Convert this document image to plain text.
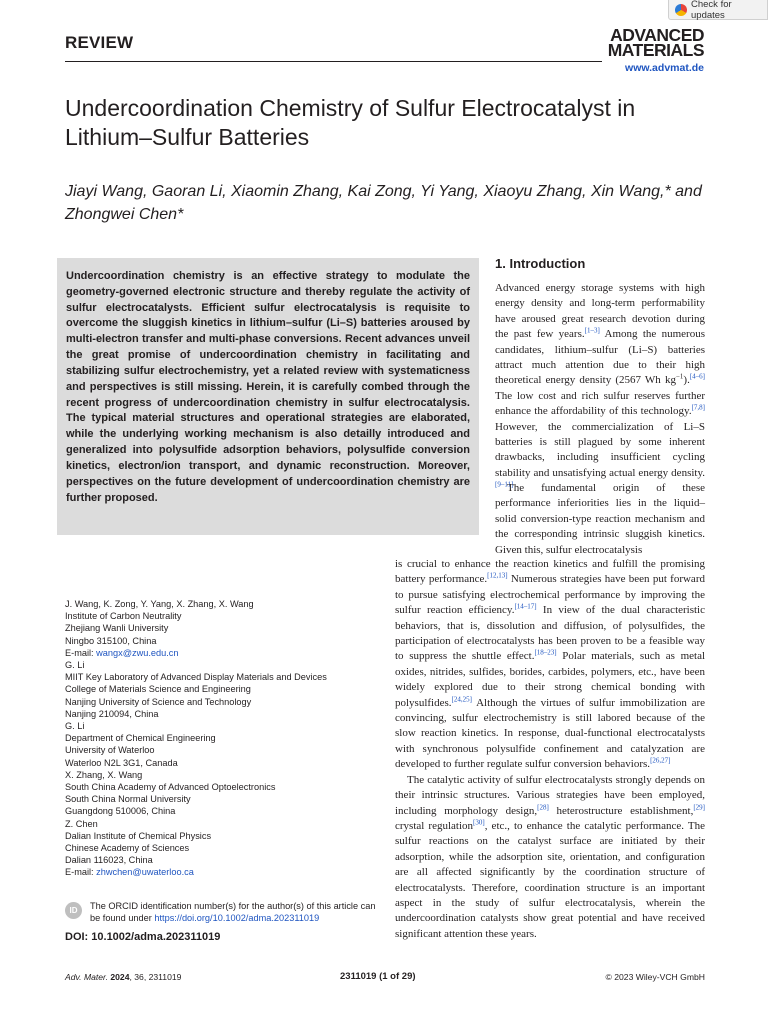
Check for updates
REVIEW	ADVANCED
MATERIALS
www.advmat.de
Undercoordination Chemistry of Sulfur Electrocatalyst in Lithium–Sulfur Batteries
Jiayi Wang, Gaoran Li, Xiaomin Zhang, Kai Zong, Yi Yang, Xiaoyu Zhang, Xin Wang,* and Zhongwei Chen*
Undercoordination chemistry is an effective strategy to modulate the geometry-governed electronic structure and thereby regulate the activity of sulfur electrocatalysts. Efficient sulfur electrocatalysis is requisite to overcome the sluggish kinetics in lithium–sulfur (Li–S) batteries aroused by multi-electron transfer and multi-phase conversions. Recent advances unveil the great promise of undercoordination chemistry in facilitating and stabilizing sulfur electrochemistry, yet a related review with systematicness and perspectives is still missing. Herein, it is carefully combed through the recent progress of undercoordination chemistry in sulfur electrocatalysis. The typical material structures and operational strategies are elaborated, while the underlying working mechanism is also detailly introduced and generalized into polysulfide adsorption behaviors, polysulfide conversion kinetics, electron/ion transport, and dynamic reconstruction. Moreover, perspectives on the future development of undercoordination chemistry are further proposed.
1. Introduction
Advanced energy storage systems with high energy density and long-term performability have aroused great research devotion during the past few years.[1–3] Among the numerous candidates, lithium–sulfur (Li–S) batteries attract much attention due to their high theoretical energy density (2567 Wh $kg^{-1}).[4-6]$ The low cost and rich sulfur reserves further enhance the affordability of this technology.[7,8] However, the commercialization of Li–S batteries is still plagued by some inherent drawbacks, including insufficient cycling stability and unsatisfying actual energy density.[9–11]
The fundamental origin of these performance inferiorities lies in the liquid–solid conversion-type reaction mechanism and the corresponding intrinsic sluggish kinetics. Given this, sulfur electrocatalysis
is crucial to enhance the reaction kinetics and fulfill the promising battery performance.[12,13] Numerous strategies have been put forward to pursue satisfying electrochemical performance by improving the sulfur reaction efficiency.[14–17] In view of the dual characteristic behaviors, that is, dissolution and diffusion, of polysulfides, the participation of electrocatalysts has been proven to be a feasible way to suppress the shuttle effect.[18–23] Polar materials, such as metal oxides, nitrides, sulfides, borides, carbides, polymers, etc., have been widely explored due to their strong chemical bonding with polysulfides.[24,25] Although the virtues of sulfur immobilization are convincing, sulfur electrochemistry is still labored because of the slow reaction kinetics. In response, dual-functional electrocatalysts with synchronous polysulfide confinement and catalyzation are developed to further regulate sulfur conversion behaviors.[26,27]
The catalytic activity of sulfur electrocatalysts strongly depends on their intrinsic structures. Various strategies have been employed, including morphology design,[28] heterostructure establishment,[29] crystal regulation[30], etc., to enhance the catalytic performance. The sulfur reactions on the catalyst surface are initiated by their adsorption, while the adsorption site, orientation, and configuration are all affected significantly by the coordination structure of electrocatalysts. Therefore, coordination structure is an important aspect in the study of sulfur electrocatalysis, wherein the undercoordination catalysts show great potential and have received significant attention these years.
J. Wang, K. Zong, Y. Yang, X. Zhang, X. Wang
Institute of Carbon Neutrality
Zhejiang Wanli University
Ningbo 315100, China
E-mail: wangx@zwu.edu.cn
G. Li
MIIT Key Laboratory of Advanced Display Materials and Devices
College of Materials Science and Engineering
Nanjing University of Science and Technology
Nanjing 210094, China
G. Li
Department of Chemical Engineering
University of Waterloo
Waterloo N2L 3G1, Canada
X. Zhang, X. Wang
South China Academy of Advanced Optoelectronics
South China Normal University
Guangdong 510006, China
Z. Chen
Dalian Institute of Chemical Physics
Chinese Academy of Sciences
Dalian 116023, China
E-mail: zhwchen@uwaterloo.ca
ID	The ORCID identification number(s) for the author(s) of this article can be found under https://doi.org/10.1002/adma.202311019
DOI: 10.1002/adma.202311019
Adv. Mater. 2024, 36, 2311019	2311019 (1 of 29)	© 2023 Wiley-VCH GmbH
